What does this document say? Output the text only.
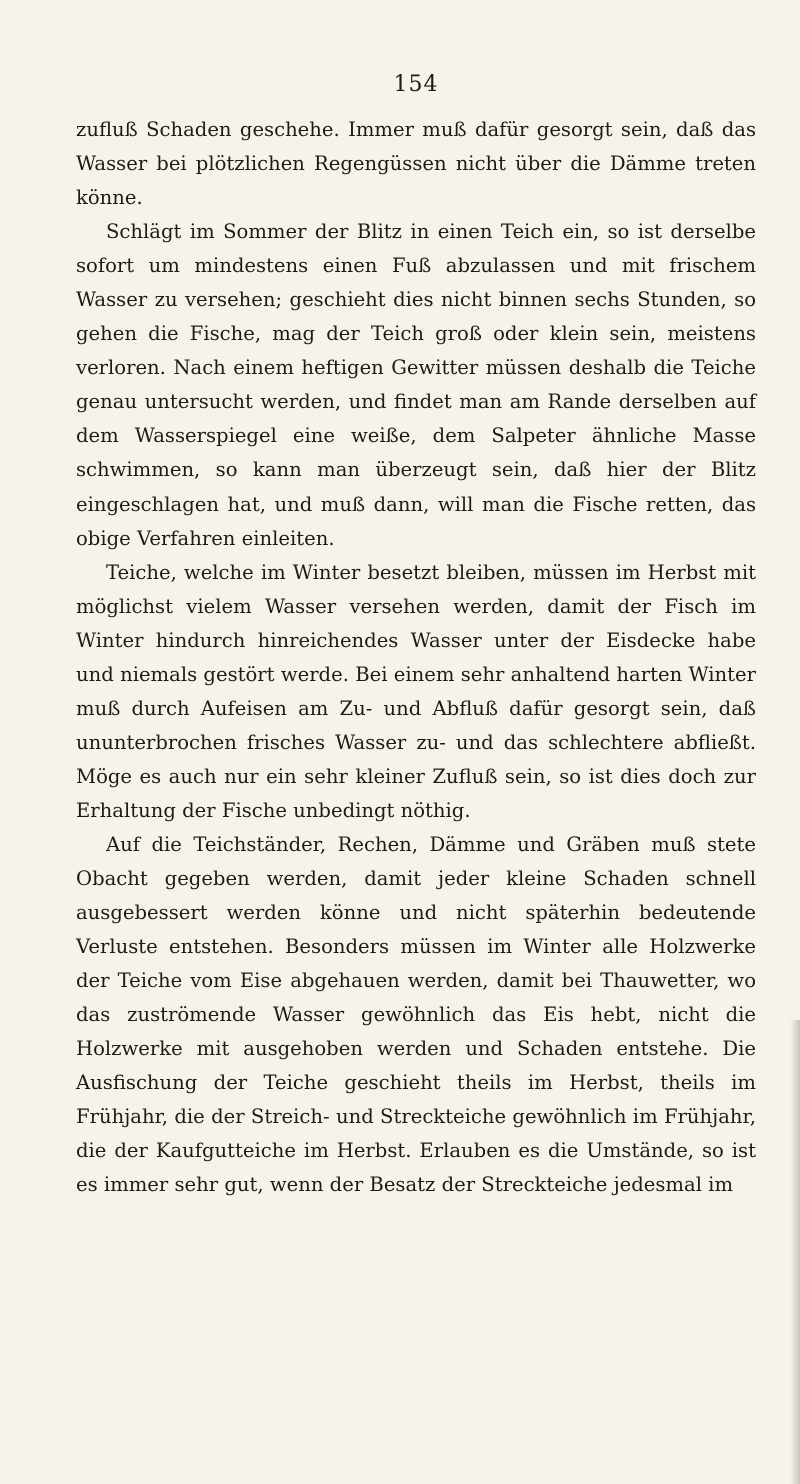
154

zufluß Schaden geschehe. Immer muß dafür gesorgt sein, daß das Wasser bei plötzlichen Regengüssen nicht über die Dämme treten könne.

Schlägt im Sommer der Blitz in einen Teich ein, so ist derselbe sofort um mindestens einen Fuß abzulassen und mit frischem Wasser zu versehen; geschieht dies nicht binnen sechs Stunden, so gehen die Fische, mag der Teich groß oder klein sein, meistens verloren. Nach einem heftigen Gewitter müssen deshalb die Teiche genau untersucht werden, und findet man am Rande derselben auf dem Wasserspiegel eine weiße, dem Salpeter ähnliche Masse schwimmen, so kann man überzeugt sein, daß hier der Blitz eingeschlagen hat, und muß dann, will man die Fische retten, das obige Verfahren einleiten.

Teiche, welche im Winter besetzt bleiben, müssen im Herbst mit möglichst vielem Wasser versehen werden, damit der Fisch im Winter hindurch hinreichendes Wasser unter der Eisdecke habe und niemals gestört werde. Bei einem sehr anhaltend harten Winter muß durch Aufeisen am Zu- und Abfluß dafür gesorgt sein, daß ununterbrochen frisches Wasser zu- und das schlechtere abfließt. Möge es auch nur ein sehr kleiner Zufluß sein, so ist dies doch zur Erhaltung der Fische unbedingt nöthig.

Auf die Teichständer, Rechen, Dämme und Gräben muß stete Obacht gegeben werden, damit jeder kleine Schaden schnell ausgebessert werden könne und nicht späterhin bedeutende Verluste entstehen. Besonders müssen im Winter alle Holzwerke der Teiche vom Eise abgehauen werden, damit bei Thauwetter, wo das zuströmende Wasser gewöhnlich das Eis hebt, nicht die Holzwerke mit ausgehoben werden und Schaden entstehe. Die Ausfischung der Teiche geschieht theils im Herbst, theils im Frühjahr, die der Streich- und Streckteiche gewöhnlich im Frühjahr, die der Kaufgutteiche im Herbst. Erlauben es die Umstände, so ist es immer sehr gut, wenn der Besatz der Streckteiche jedesmal im
